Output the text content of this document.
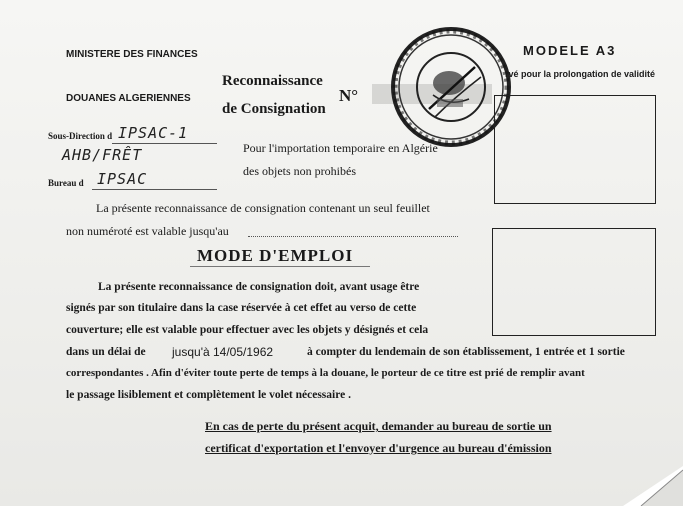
MINISTERE DES FINANCES
DOUANES ALGERIENNES
Reconnaissance
de Consignation
N°
MODELE A3
rvé pour la prolongation de validité
Sous-Direction d IPSAC-1
AHB/FRÊT
Bureau d IPSAC
Pour l'importation temporaire en Algérie
des objets non prohibés
La présente reconnaissance de consignation contenant un seul feuillet
non numéroté est valable jusqu'au
MODE D'EMPLOI
La présente reconnaissance de consignation doit, avant usage être
signés par son titulaire dans la case réservée à cet effet au verso de cette
couverture; elle est valable pour effectuer avec les objets y désignés et cela
dans un délai de jusqu'à 14/05/1962	à compter du lendemain de son établissement, 1 entrée et 1 sortie
correspondantes . Afin d'éviter toute perte de temps à la douane, le porteur de ce titre est prié de remplir avant
le passage lisiblement et complètement le volet nécessaire .
En cas de perte du présent acquit, demander au bureau de sortie un
certificat d'exportation et l'envoyer d'urgence au bureau d'émission
